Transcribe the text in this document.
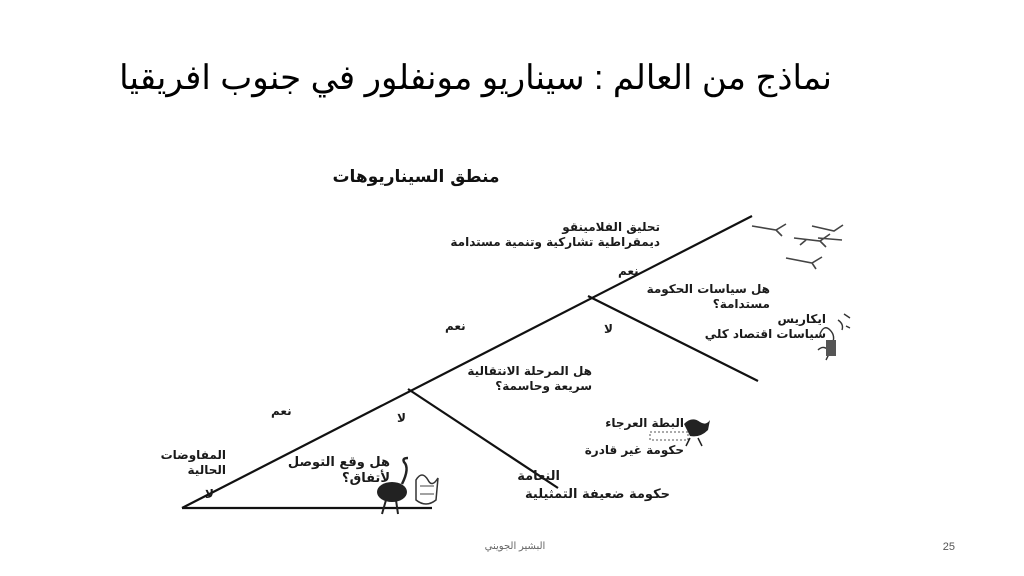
نماذج من العالم : سيناريو مونفلور في جنوب افريقيا
منطق السيناريوهات
المفاوضات
الحالية
لا
نعم
هل وقع التوصل
لأتفاق؟
لا
نعم
هل المرحلة الانتقالية
سريعة وحاسمة؟
لا
نعم
هل سياسات الحكومة
مستدامة؟
تحليق الفلامينقو
ديمقراطية تشاركية وتنمية مستدامة
ايكاريس
سياسات اقتصاد كلي
البطة العرجاء
حكومة غير قادرة
النعامة
حكومة ضعيفة التمثيلية
البشير الجويني	25
